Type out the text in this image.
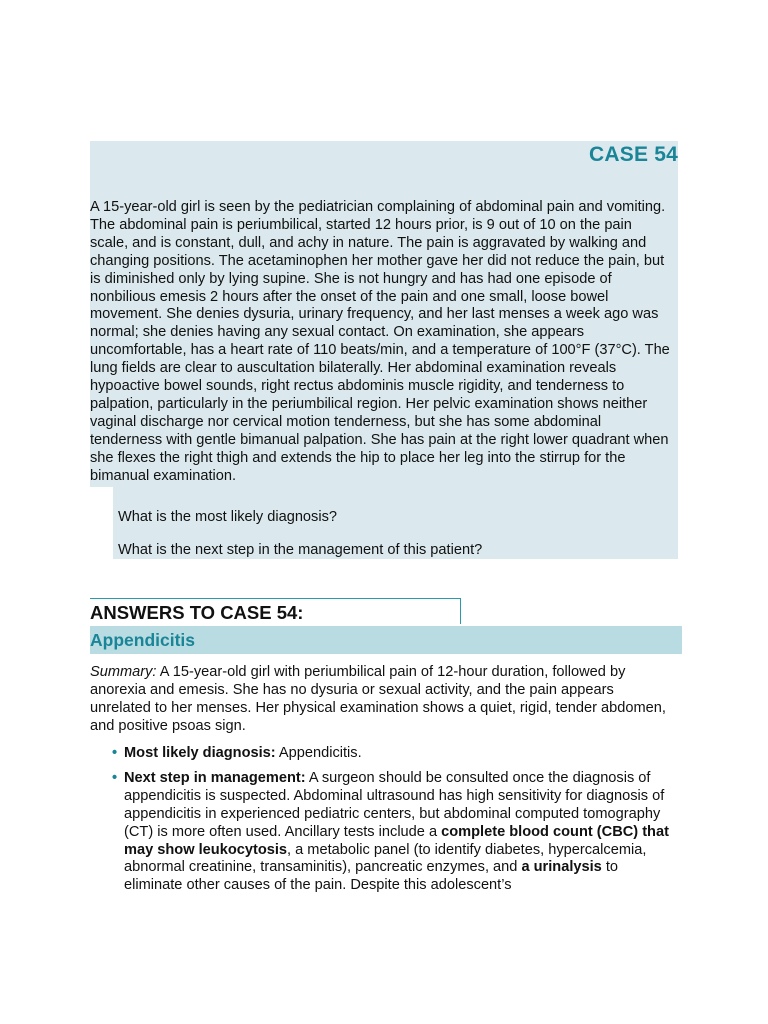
CASE 54

A 15-year-old girl is seen by the pediatrician complaining of abdominal pain and vomiting. The abdominal pain is periumbilical, started 12 hours prior, is 9 out of 10 on the pain scale, and is constant, dull, and achy in nature. The pain is aggravated by walking and changing positions. The acetaminophen her mother gave her did not reduce the pain, but is diminished only by lying supine. She is not hungry and has had one episode of nonbilious emesis 2 hours after the onset of the pain and one small, loose bowel movement. She denies dysuria, urinary frequency, and her last menses a week ago was normal; she denies having any sexual contact. On examination, she appears uncomfortable, has a heart rate of 110 beats/min, and a temperature of 100°F (37°C). The lung fields are clear to auscultation bilaterally. Her abdominal examination reveals hypoactive bowel sounds, right rectus abdominis muscle rigidity, and tenderness to palpation, particularly in the periumbilical region. Her pelvic examination shows neither vaginal discharge nor cervical motion tenderness, but she has some abdominal tenderness with gentle bimanual palpation. She has pain at the right lower quadrant when she flexes the right thigh and extends the hip to place her leg into the stirrup for the bimanual examination.

What is the most likely diagnosis?

What is the next step in the management of this patient?

ANSWERS TO CASE 54:
Appendicitis

Summary: A 15-year-old girl with periumbilical pain of 12-hour duration, followed by anorexia and emesis. She has no dysuria or sexual activity, and the pain appears unrelated to her menses. Her physical examination shows a quiet, rigid, tender abdomen, and positive psoas sign.

• Most likely diagnosis: Appendicitis.
• Next step in management: A surgeon should be consulted once the diagnosis of appendicitis is suspected. Abdominal ultrasound has high sensitivity for diagnosis of appendicitis in experienced pediatric centers, but abdominal computed tomography (CT) is more often used. Ancillary tests include a complete blood count (CBC) that may show leukocytosis, a metabolic panel (to identify diabetes, hypercalcemia, abnormal creatinine, transaminitis), pancreatic enzymes, and a urinalysis to eliminate other causes of the pain. Despite this adolescent’s
